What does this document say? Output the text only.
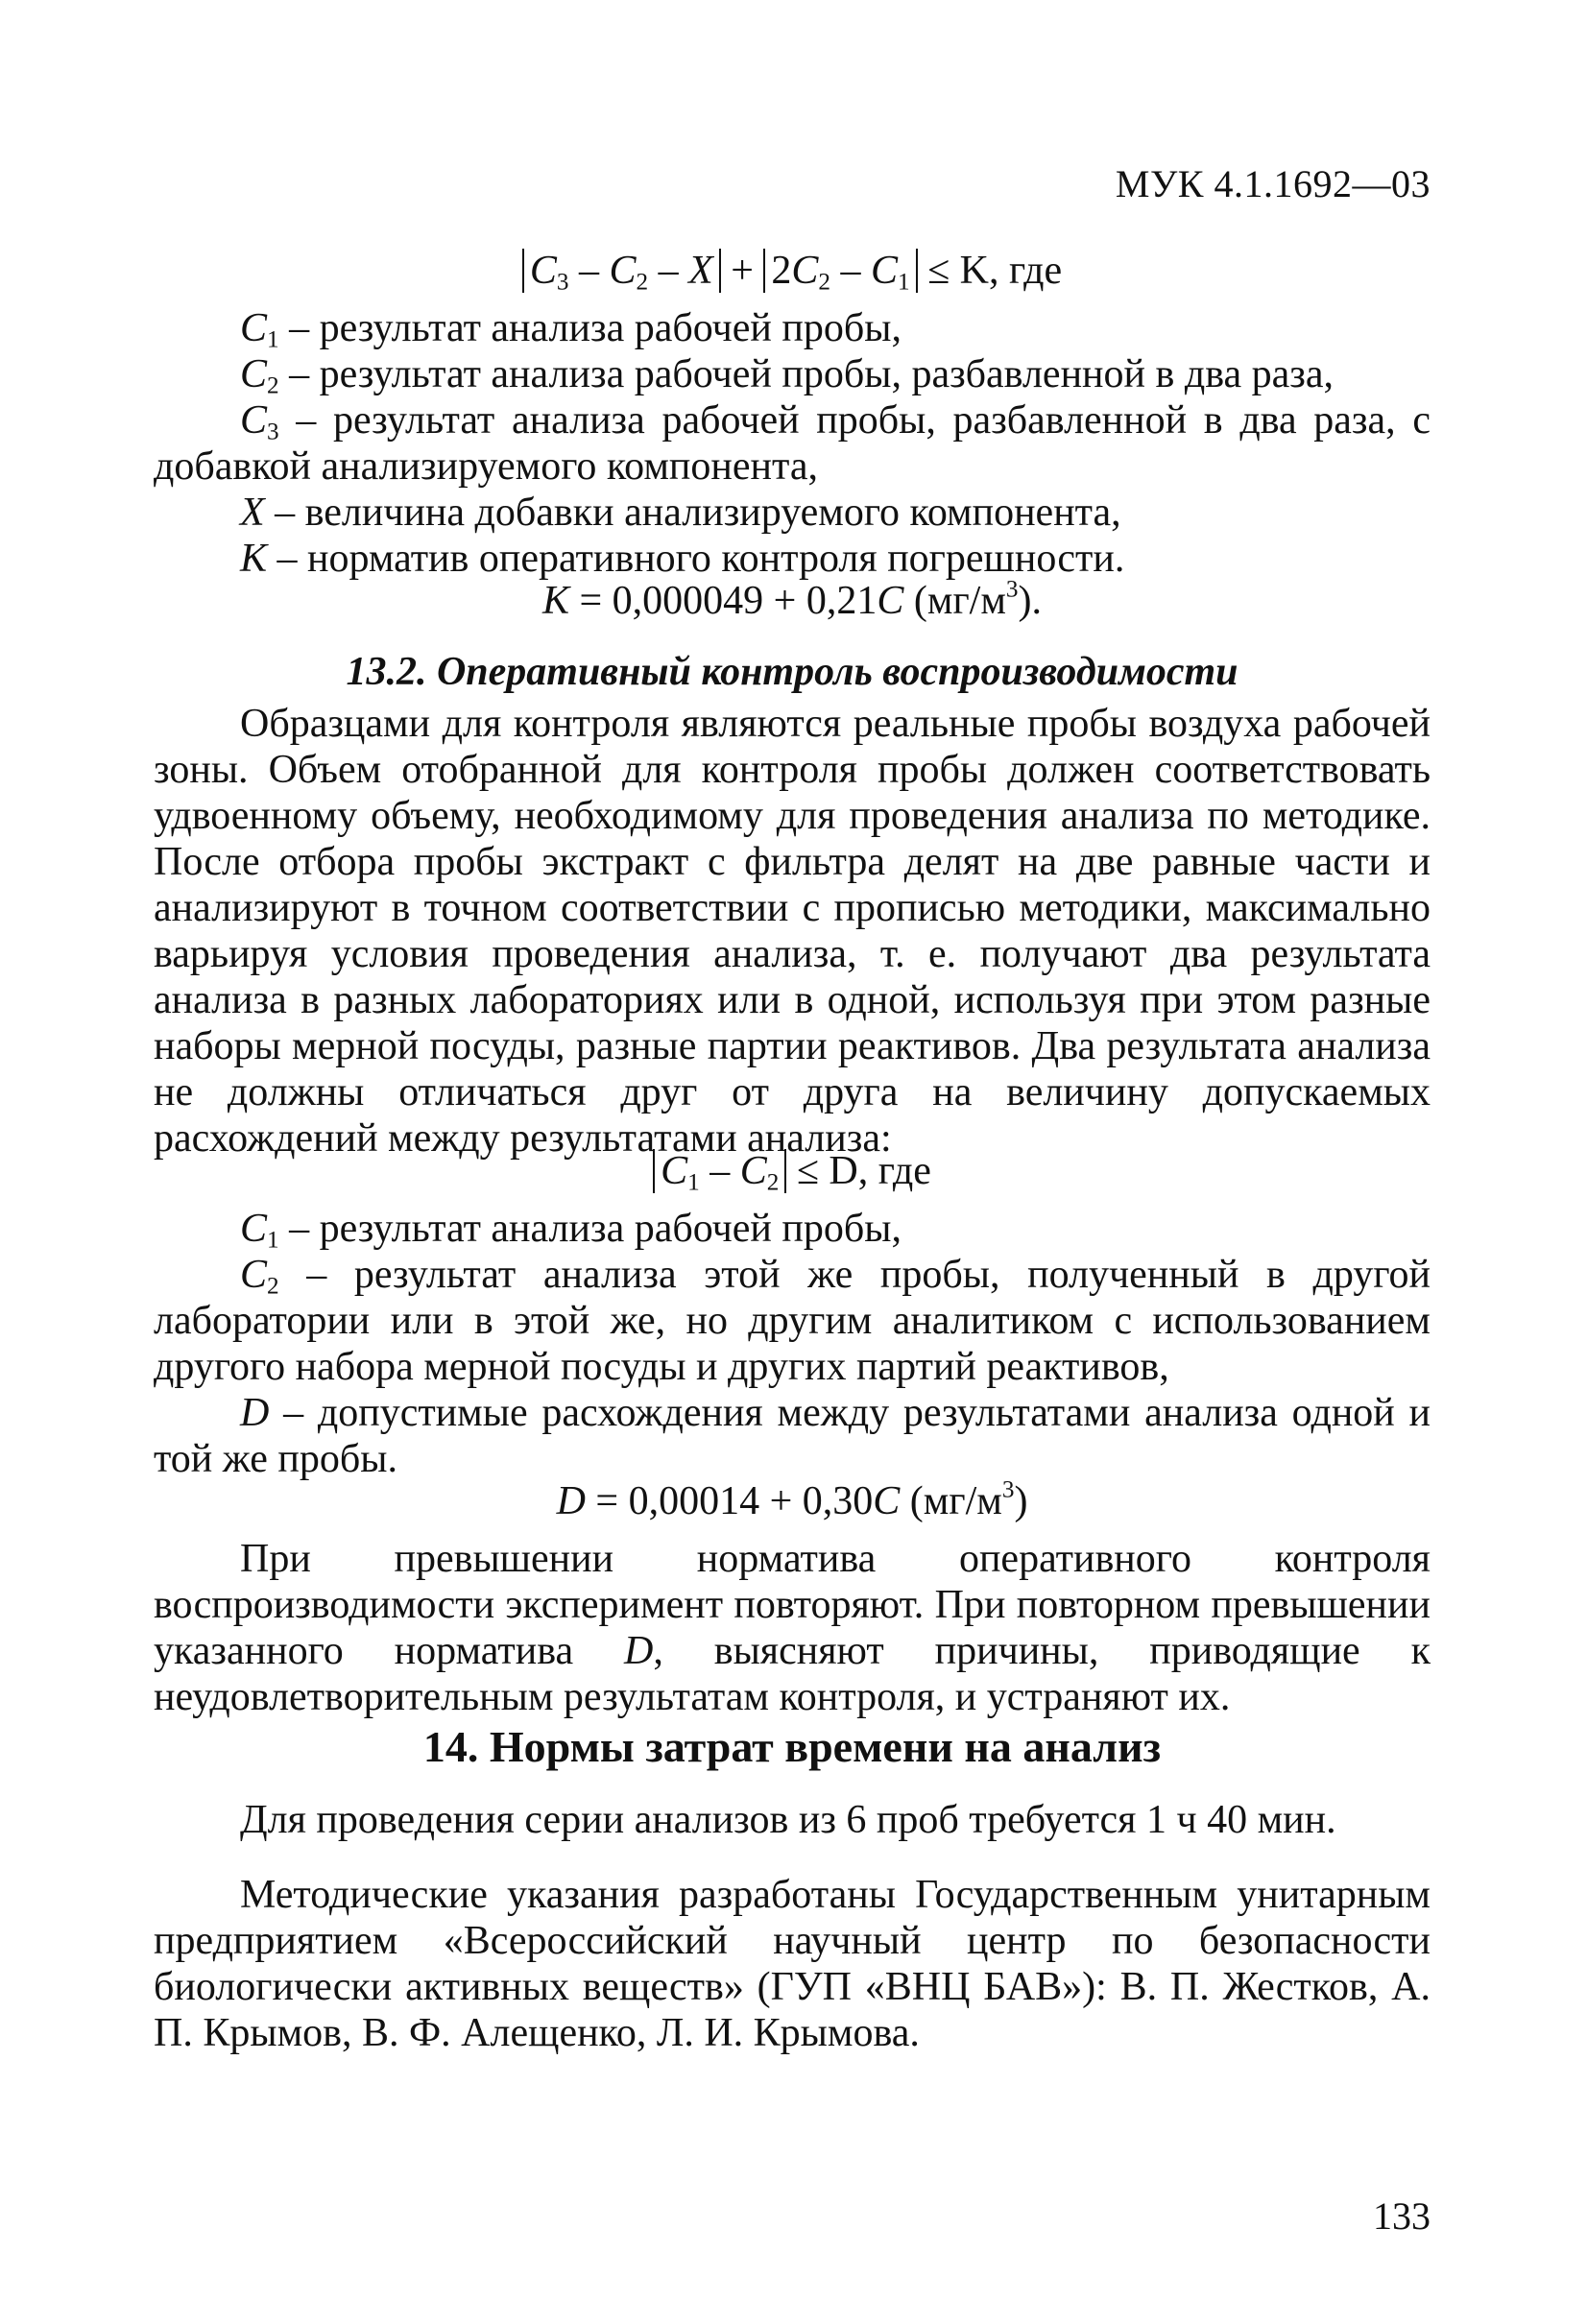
МУК 4.1.1692—03
$C_3 - C_2 - X + 2C_2 - C_1 \le K$, где

$C_1$ – результат анализа рабочей пробы,

$C_2$ – результат анализа рабочей пробы, разбавленной в два раза,

$C_3$ – результат анализа рабочей пробы, разбавленной в два раза, с добавкой анализируемого компонента,

X – величина добавки анализируемого компонента,

K – норматив оперативного контроля погрешности.

K = 0,000049 + 0,21C $(мг/м^3)$.
13.2. Оперативный контроль воспроизводимости

Образцами для контроля являются реальные пробы воздуха рабочей зоны. Объем отобранной для контроля пробы должен соответствовать удвоенному объему, необходимому для проведения анализа по методике. После отбора пробы экстракт с фильтра делят на две равные части и анализируют в точном соответствии с прописью методики, максимально варьируя условия проведения анализа, т. е. получают два результата анализа в разных лабораториях или в одной, используя при этом разные наборы мерной посуды, разные партии реактивов. Два результата анализа не должны отличаться друг от друга на величину допускаемых расхождений между результатами анализа:

$C_1 - C_2 \le D$, где

$C_1$ – результат анализа рабочей пробы,

$C_2$ – результат анализа этой же пробы, полученный в другой лаборатории или в этой же, но другим аналитиком с использованием другого набора мерной посуды и других партий реактивов,

D – допустимые расхождения между результатами анализа одной и той же пробы.

D = 0,00014 + 0,30C $(мг/м^3)$

При превышении норматива оперативного контроля воспроизводимости эксперимент повторяют. При повторном превышении указанного норматива D, выясняют причины, приводящие к неудовлетворительным результатам контроля, и устраняют их.

14. Нормы затрат времени на анализ

Для проведения серии анализов из 6 проб требуется 1 ч 40 мин.

Методические указания разработаны Государственным унитарным предприятием «Всероссийский научный центр по безопасности биологически активных веществ» (ГУП «ВНЦ БАВ»): В. П. Жестков, А. П. Крымов, В. Ф. Алещенко, Л. И. Крымова.

133
